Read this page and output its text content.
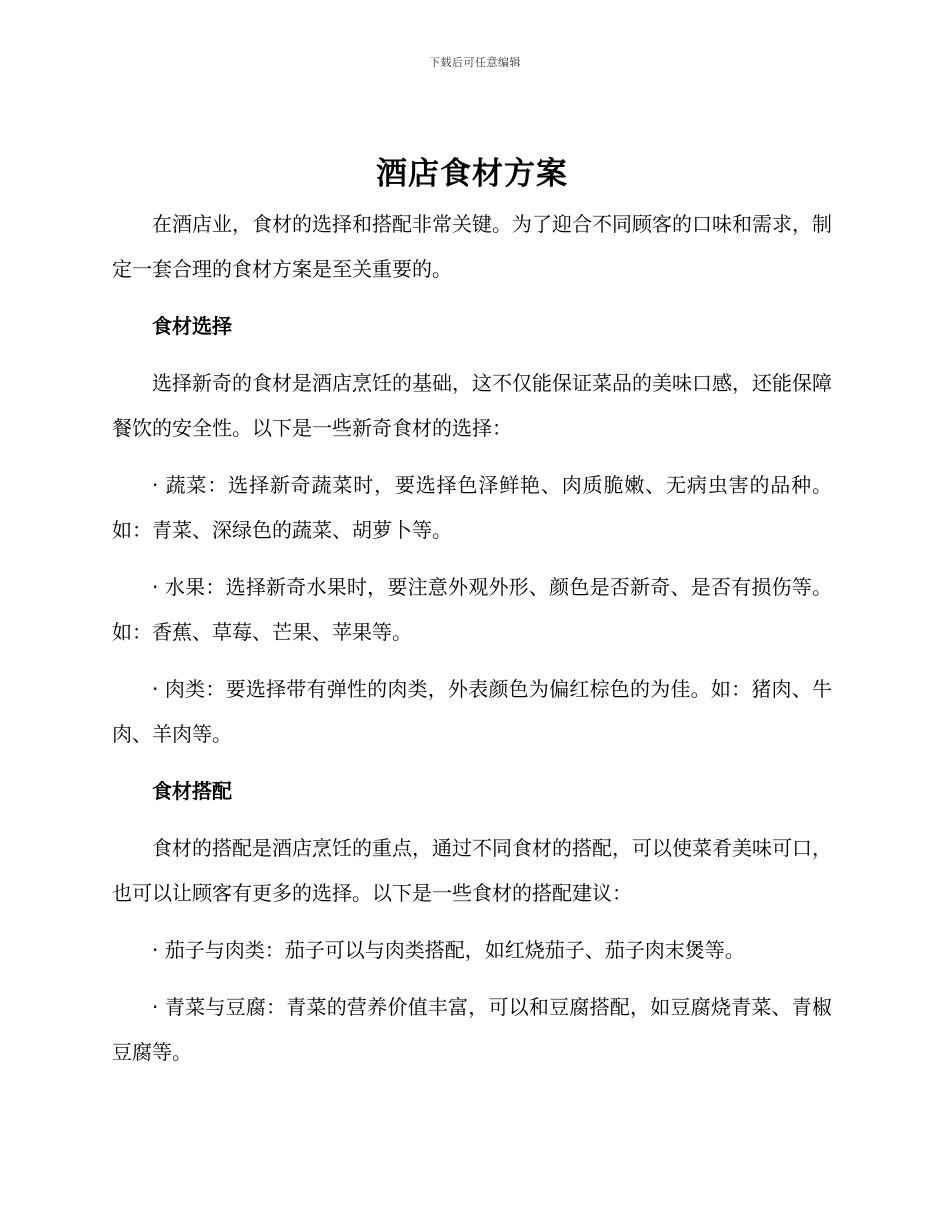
下载后可任意编辑
酒店食材方案

在酒店业，食材的选择和搭配非常关键。为了迎合不同顾客的口味和需求，制定一套合理的食材方案是至关重要的。

食材选择

选择新奇的食材是酒店烹饪的基础，这不仅能保证菜品的美味口感，还能保障餐饮的安全性。以下是一些新奇食材的选择：

· 蔬菜：选择新奇蔬菜时，要选择色泽鲜艳、肉质脆嫩、无病虫害的品种。如：青菜、深绿色的蔬菜、胡萝卜等。

· 水果：选择新奇水果时，要注意外观外形、颜色是否新奇、是否有损伤等。如：香蕉、草莓、芒果、苹果等。

· 肉类：要选择带有弹性的肉类，外表颜色为偏红棕色的为佳。如：猪肉、牛肉、羊肉等。

食材搭配

食材的搭配是酒店烹饪的重点，通过不同食材的搭配，可以使菜肴美味可口，也可以让顾客有更多的选择。以下是一些食材的搭配建议：

· 茄子与肉类：茄子可以与肉类搭配，如红烧茄子、茄子肉末煲等。

· 青菜与豆腐：青菜的营养价值丰富，可以和豆腐搭配，如豆腐烧青菜、青椒豆腐等。
